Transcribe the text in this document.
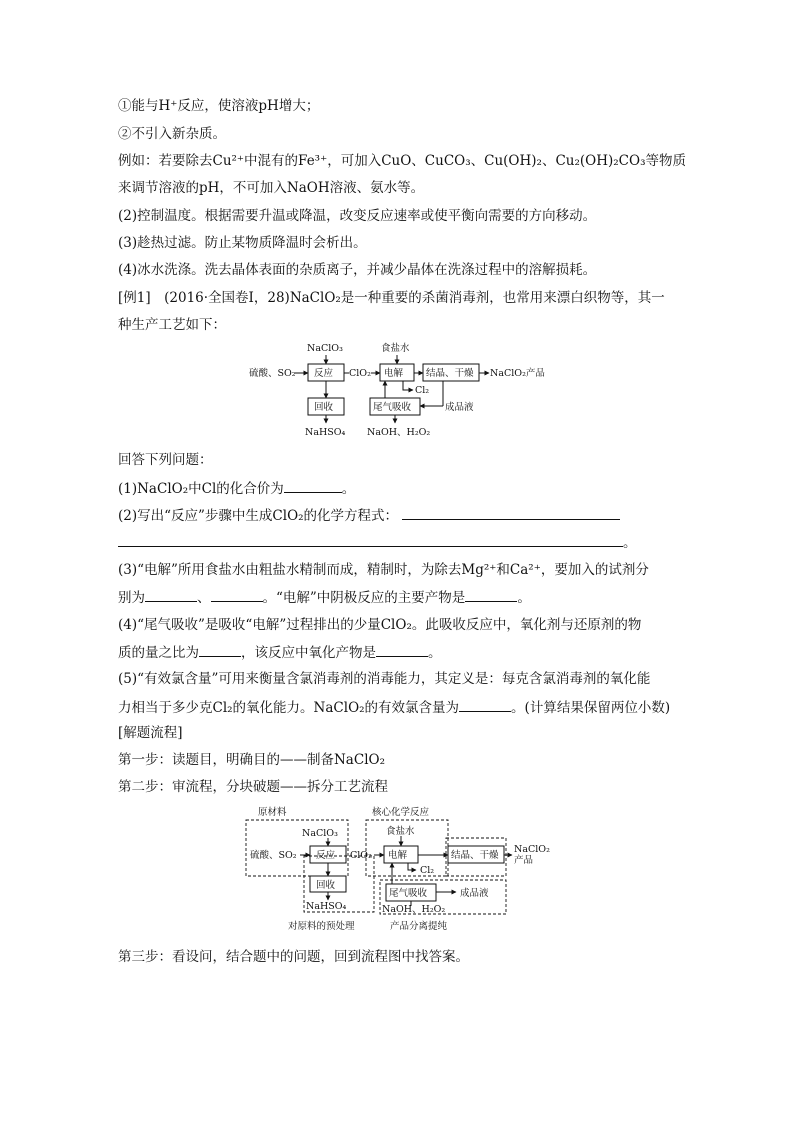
①能与H⁺反应，使溶液pH增大；
②不引入新杂质。
例如：若要除去Cu²⁺中混有的Fe³⁺，可加入CuO、CuCO₃、Cu(OH)₂、Cu₂(OH)₂CO₃等物质
来调节溶液的pH，不可加入NaOH溶液、氨水等。
(2)控制温度。根据需要升温或降温，改变反应速率或使平衡向需要的方向移动。
(3)趁热过滤。防止某物质降温时会析出。
(4)冰水洗涤。洗去晶体表面的杂质离子，并减少晶体在洗涤过程中的溶解损耗。
[例1]　(2016·全国卷Ⅰ，28)NaClO₂是一种重要的杀菌消毒剂，也常用来漂白织物等，其一
种生产工艺如下：
NaClO₃	食盐水
硫酸、SO₂ 反应 ClO₂ 电解 结晶、干燥 NaClO₂产品
Cl₂
回收	尾气吸收	成品液
NaHSO₄ NaOH、H₂O₂
回答下列问题：
(1)NaClO₂中Cl的化合价为	。
(2)写出“反应”步骤中生成ClO₂的化学方程式：
。
(3)“电解”所用食盐水由粗盐水精制而成，精制时，为除去Mg²⁺和Ca²⁺，要加入的试剂分
别为	、	。“电解”中阴极反应的主要产物是	。
(4)“尾气吸收”是吸收“电解”过程排出的少量ClO₂。此吸收反应中，氧化剂与还原剂的物
质的量之比为	，该反应中氧化产物是	。
(5)“有效氯含量”可用来衡量含氯消毒剂的消毒能力，其定义是：每克含氯消毒剂的氧化能
力相当于多少克Cl₂的氧化能力。NaClO₂的有效氯含量为	。(计算结果保留两位小数)
[解题流程]
第一步：读题目，明确目的——制备NaClO₂
第二步：审流程，分块破题——拆分工艺流程
原材料	核心化学反应
NaClO₃	食盐水
硫酸、SO₂ 反应 ClO₂ 电解	结晶、干燥
NaClO₂
产品
Cl₂
回收
尾气吸收	成品液
NaHSO₄	NaOH、H₂O₂
对原料的预处理	产品分离提纯
第三步：看设问，结合题中的问题，回到流程图中找答案。
